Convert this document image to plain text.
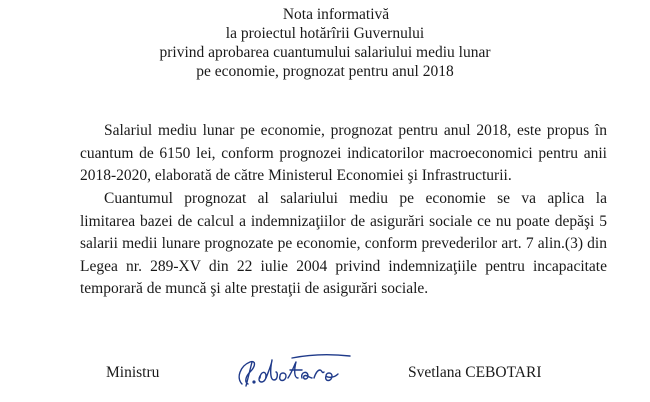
Nota informativă
la proiectul hotărîrii Guvernului
privind aprobarea cuantumului salariului mediu lunar
pe economie, prognozat pentru anul 2018
Salariul mediu lunar pe economie, prognozat pentru anul 2018, este propus în
cuantum de 6150 lei, conform prognozei indicatorilor macroeconomici pentru anii
2018-2020, elaborată de către Ministerul Economiei şi Infrastructurii.
Cuantumul prognozat al salariului mediu pe economie se va aplica la
limitarea bazei de calcul a indemnizaţiilor de asigurări sociale ce nu poate depăşi 5
salarii medii lunare prognozate pe economie, conform prevederilor art. 7 alin.(3) din
Legea nr. 289-XV din 22 iulie 2004 privind indemnizaţiile pentru incapacitate
temporară de muncă şi alte prestaţii de asigurări sociale.
Ministru	Svetlana CEBOTARI
